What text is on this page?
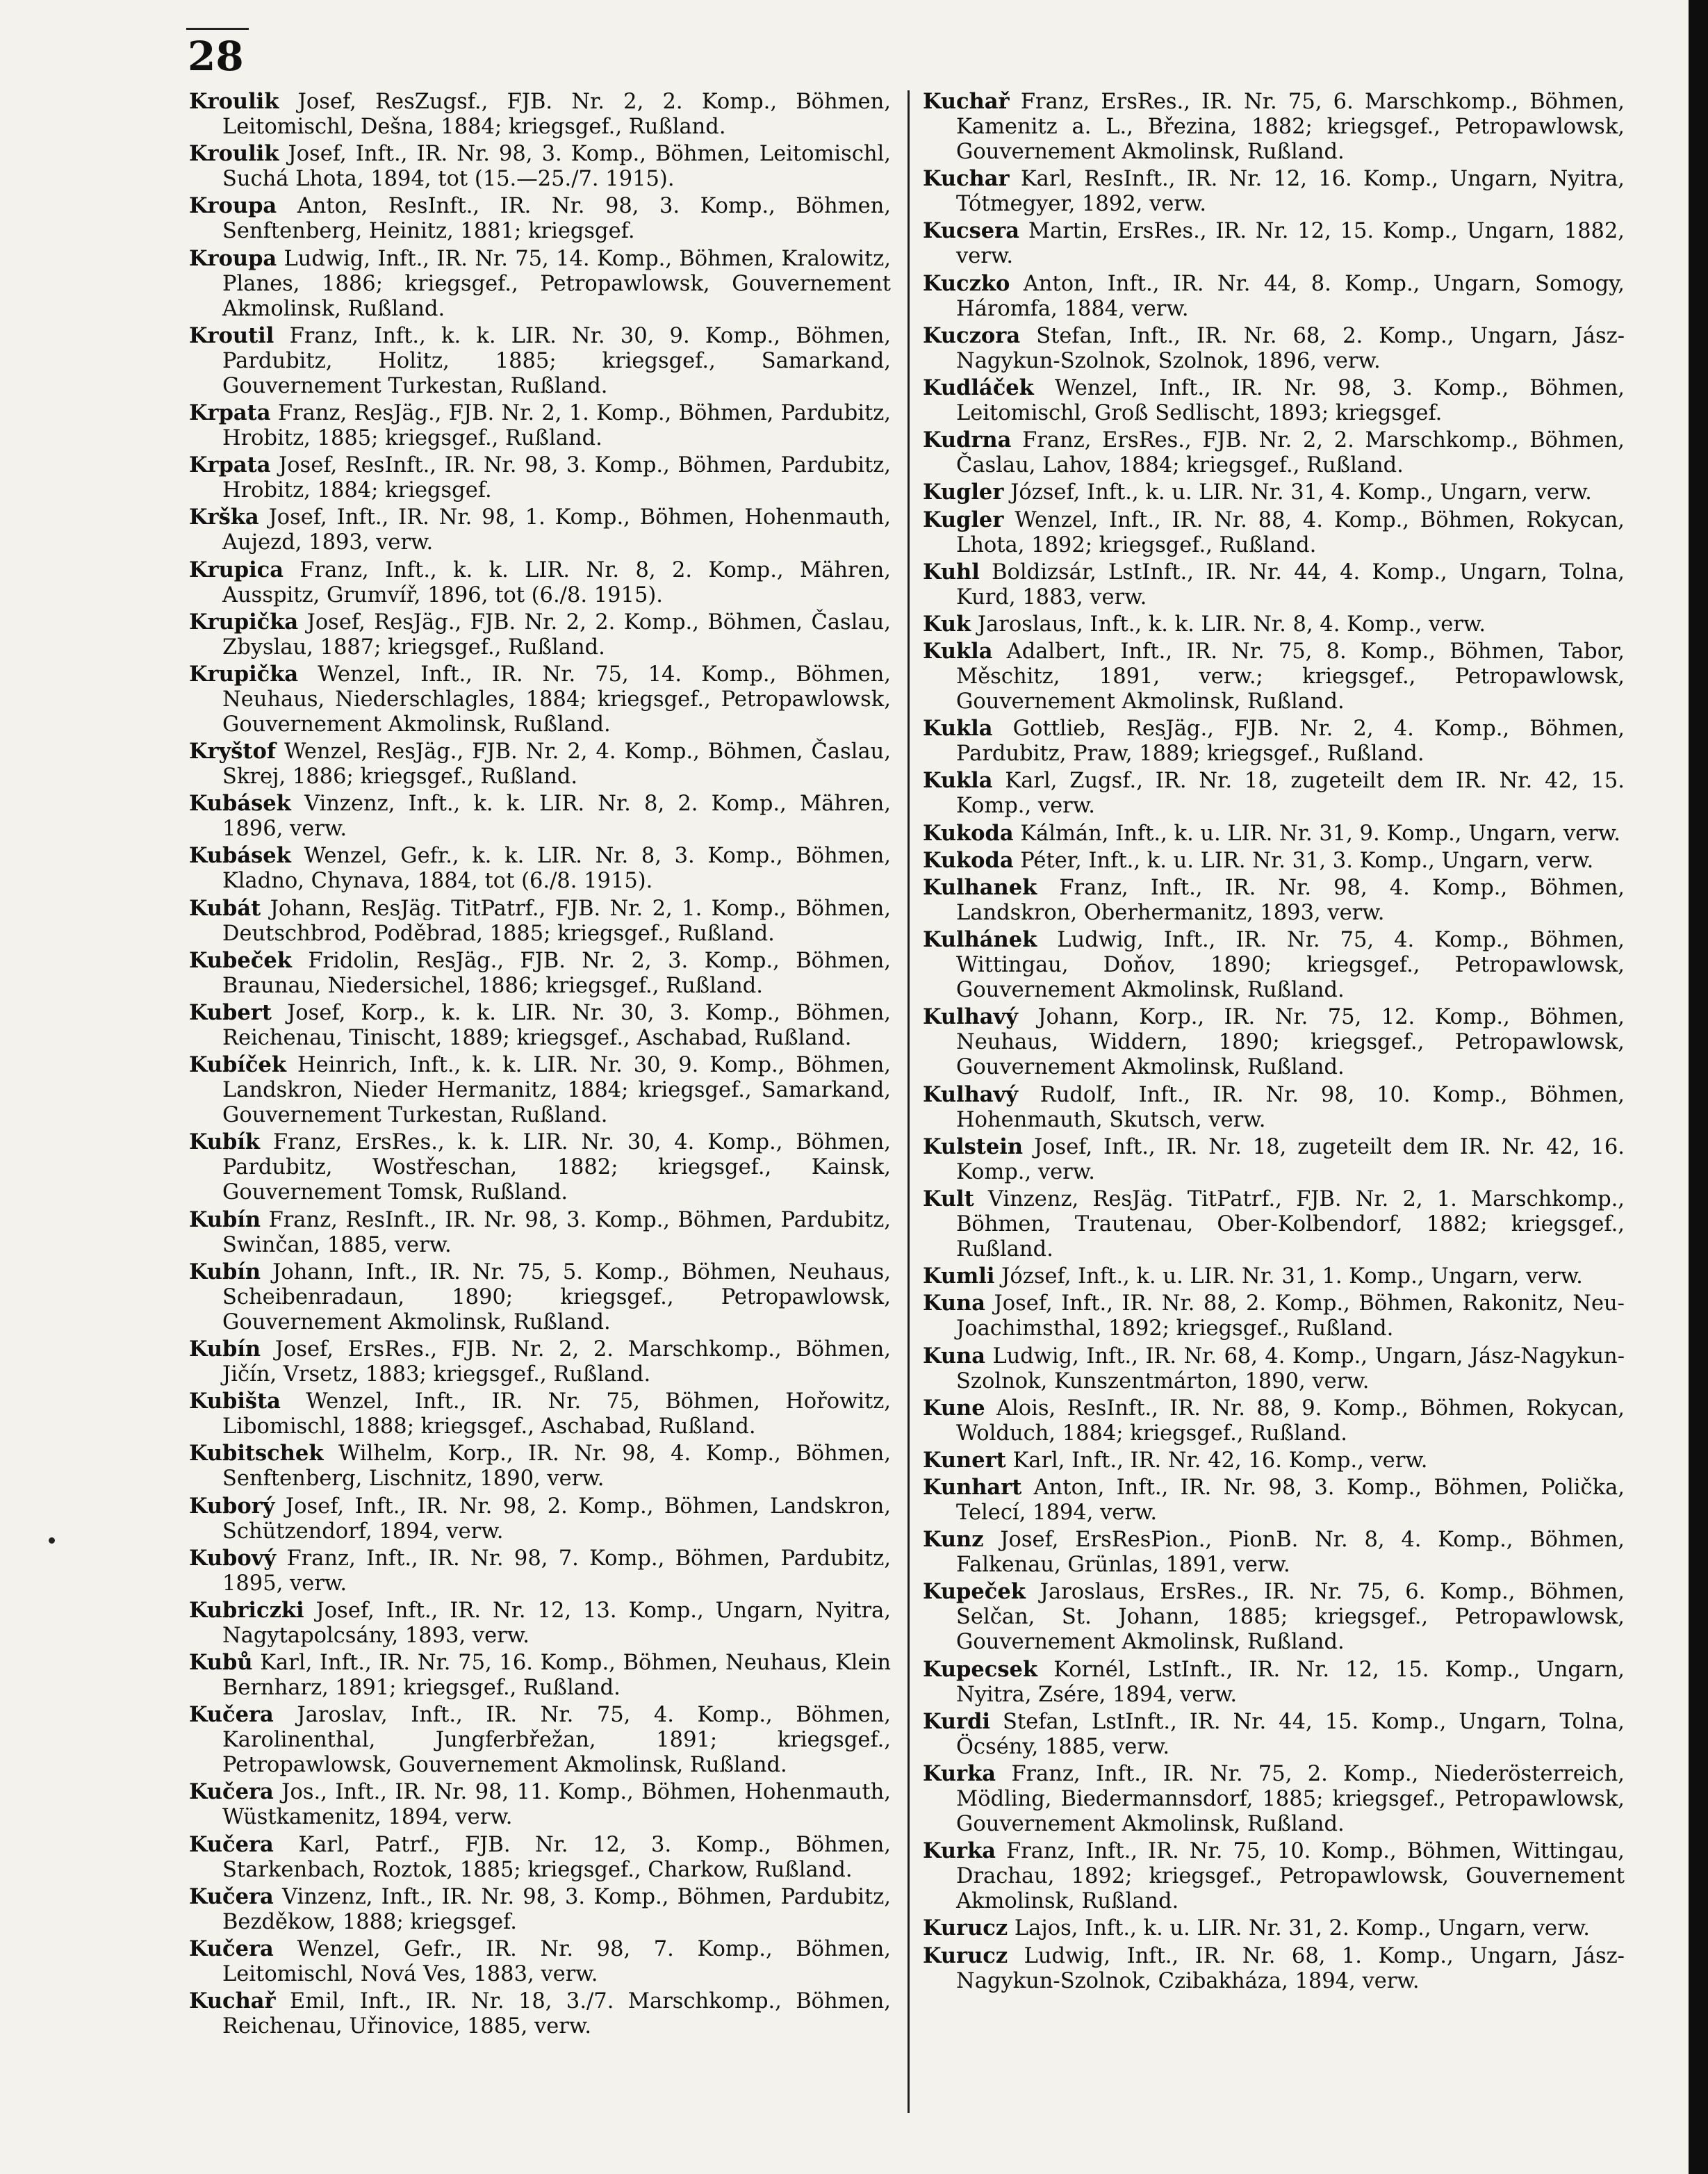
28

Kroulik Josef, ResZugsf., FJB. Nr. 2, 2. Komp., Böhmen, Leitomischl, Dešna, 1884; kriegsgef., Rußland.

Kroulik Josef, Inft., IR. Nr. 98, 3. Komp., Böhmen, Leitomischl, Suchá Lhota, 1894, tot (15.—25./7. 1915).

Kroupa Anton, ResInft., IR. Nr. 98, 3. Komp., Böhmen, Senftenberg, Heinitz, 1881; kriegsgef.

Kroupa Ludwig, Inft., IR. Nr. 75, 14. Komp., Böhmen, Kralowitz, Planes, 1886; kriegsgef., Petropawlowsk, Gouvernement Akmolinsk, Rußland.

Kroutil Franz, Inft., k. k. LIR. Nr. 30, 9. Komp., Böhmen, Pardubitz, Holitz, 1885; kriegsgef., Samarkand, Gouvernement Turkestan, Rußland.

Krpata Franz, ResJäg., FJB. Nr. 2, 1. Komp., Böhmen, Pardubitz, Hrobitz, 1885; kriegsgef., Rußland.

Krpata Josef, ResInft., IR. Nr. 98, 3. Komp., Böhmen, Pardubitz, Hrobitz, 1884; kriegsgef.

Krška Josef, Inft., IR. Nr. 98, 1. Komp., Böhmen, Hohenmauth, Aujezd, 1893, verw.

Krupica Franz, Inft., k. k. LIR. Nr. 8, 2. Komp., Mähren, Ausspitz, Grumvíř, 1896, tot (6./8. 1915).

Krupička Josef, ResJäg., FJB. Nr. 2, 2. Komp., Böhmen, Časlau, Zbyslau, 1887; kriegsgef., Rußland.

Krupička Wenzel, Inft., IR. Nr. 75, 14. Komp., Böhmen, Neuhaus, Niederschlagles, 1884; kriegsgef., Petropawlowsk, Gouvernement Akmolinsk, Rußland.

Kryštof Wenzel, ResJäg., FJB. Nr. 2, 4. Komp., Böhmen, Časlau, Skrej, 1886; kriegsgef., Rußland.

Kubásek Vinzenz, Inft., k. k. LIR. Nr. 8, 2. Komp., Mähren, 1896, verw.

Kubásek Wenzel, Gefr., k. k. LIR. Nr. 8, 3. Komp., Böhmen, Kladno, Chynava, 1884, tot (6./8. 1915).

Kubát Johann, ResJäg. TitPatrf., FJB. Nr. 2, 1. Komp., Böhmen, Deutschbrod, Poděbrad, 1885; kriegsgef., Rußland.

Kubeček Fridolin, ResJäg., FJB. Nr. 2, 3. Komp., Böhmen, Braunau, Niedersichel, 1886; kriegsgef., Rußland.

Kubert Josef, Korp., k. k. LIR. Nr. 30, 3. Komp., Böhmen, Reichenau, Tinischt, 1889; kriegsgef., Aschabad, Rußland.

Kubíček Heinrich, Inft., k. k. LIR. Nr. 30, 9. Komp., Böhmen, Landskron, Nieder Hermanitz, 1884; kriegsgef., Samarkand, Gouvernement Turkestan, Rußland.

Kubík Franz, ErsRes., k. k. LIR. Nr. 30, 4. Komp., Böhmen, Pardubitz, Wostřeschan, 1882; kriegsgef., Kainsk, Gouvernement Tomsk, Rußland.

Kubín Franz, ResInft., IR. Nr. 98, 3. Komp., Böhmen, Pardubitz, Swinčan, 1885, verw.

Kubín Johann, Inft., IR. Nr. 75, 5. Komp., Böhmen, Neuhaus, Scheibenradaun, 1890; kriegsgef., Petropawlowsk, Gouvernement Akmolinsk, Rußland.

Kubín Josef, ErsRes., FJB. Nr. 2, 2. Marschkomp., Böhmen, Jičín, Vrsetz, 1883; kriegsgef., Rußland.

Kubišta Wenzel, Inft., IR. Nr. 75, Böhmen, Hořowitz, Libomischl, 1888; kriegsgef., Aschabad, Rußland.

Kubitschek Wilhelm, Korp., IR. Nr. 98, 4. Komp., Böhmen, Senftenberg, Lischnitz, 1890, verw.

Kuborý Josef, Inft., IR. Nr. 98, 2. Komp., Böhmen, Landskron, Schützendorf, 1894, verw.

Kubový Franz, Inft., IR. Nr. 98, 7. Komp., Böhmen, Pardubitz, 1895, verw.

Kubriczki Josef, Inft., IR. Nr. 12, 13. Komp., Ungarn, Nyitra, Nagytapolcsány, 1893, verw.

Kubů Karl, Inft., IR. Nr. 75, 16. Komp., Böhmen, Neuhaus, Klein Bernharz, 1891; kriegsgef., Rußland.

Kučera Jaroslav, Inft., IR. Nr. 75, 4. Komp., Böhmen, Karolinenthal, Jungferbřežan, 1891; kriegsgef., Petropawlowsk, Gouvernement Akmolinsk, Rußland.

Kučera Jos., Inft., IR. Nr. 98, 11. Komp., Böhmen, Hohenmauth, Wüstkamenitz, 1894, verw.

Kučera Karl, Patrf., FJB. Nr. 12, 3. Komp., Böhmen, Starkenbach, Roztok, 1885; kriegsgef., Charkow, Rußland.

Kučera Vinzenz, Inft., IR. Nr. 98, 3. Komp., Böhmen, Pardubitz, Bezděkow, 1888; kriegsgef.

Kučera Wenzel, Gefr., IR. Nr. 98, 7. Komp., Böhmen, Leitomischl, Nová Ves, 1883, verw.

Kuchař Emil, Inft., IR. Nr. 18, 3./7. Marschkomp., Böhmen, Reichenau, Uřinovice, 1885, verw.

Kuchař Franz, ErsRes., IR. Nr. 75, 6. Marschkomp., Böhmen, Kamenitz a. L., Březina, 1882; kriegsgef., Petropawlowsk, Gouvernement Akmolinsk, Rußland.

Kuchar Karl, ResInft., IR. Nr. 12, 16. Komp., Ungarn, Nyitra, Tótmegyer, 1892, verw.

Kucsera Martin, ErsRes., IR. Nr. 12, 15. Komp., Ungarn, 1882, verw.

Kuczko Anton, Inft., IR. Nr. 44, 8. Komp., Ungarn, Somogy, Háromfa, 1884, verw.

Kuczora Stefan, Inft., IR. Nr. 68, 2. Komp., Ungarn, Jász-Nagykun-Szolnok, Szolnok, 1896, verw.

Kudláček Wenzel, Inft., IR. Nr. 98, 3. Komp., Böhmen, Leitomischl, Groß Sedlischt, 1893; kriegsgef.

Kudrna Franz, ErsRes., FJB. Nr. 2, 2. Marschkomp., Böhmen, Časlau, Lahov, 1884; kriegsgef., Rußland.

Kugler József, Inft., k. u. LIR. Nr. 31, 4. Komp., Ungarn, verw.

Kugler Wenzel, Inft., IR. Nr. 88, 4. Komp., Böhmen, Rokycan, Lhota, 1892; kriegsgef., Rußland.

Kuhl Boldizsár, LstInft., IR. Nr. 44, 4. Komp., Ungarn, Tolna, Kurd, 1883, verw.

Kuk Jaroslaus, Inft., k. k. LIR. Nr. 8, 4. Komp., verw.

Kukla Adalbert, Inft., IR. Nr. 75, 8. Komp., Böhmen, Tabor, Měschitz, 1891, verw.; kriegsgef., Petropawlowsk, Gouvernement Akmolinsk, Rußland.

Kukla Gottlieb, ResJäg., FJB. Nr. 2, 4. Komp., Böhmen, Pardubitz, Praw, 1889; kriegsgef., Rußland.

Kukla Karl, Zugsf., IR. Nr. 18, zugeteilt dem IR. Nr. 42, 15. Komp., verw.

Kukoda Kálmán, Inft., k. u. LIR. Nr. 31, 9. Komp., Ungarn, verw.

Kukoda Péter, Inft., k. u. LIR. Nr. 31, 3. Komp., Ungarn, verw.

Kulhanek Franz, Inft., IR. Nr. 98, 4. Komp., Böhmen, Landskron, Oberhermanitz, 1893, verw.

Kulhánek Ludwig, Inft., IR. Nr. 75, 4. Komp., Böhmen, Wittingau, Doňov, 1890; kriegsgef., Petropawlowsk, Gouvernement Akmolinsk, Rußland.

Kulhavý Johann, Korp., IR. Nr. 75, 12. Komp., Böhmen, Neuhaus, Widdern, 1890; kriegsgef., Petropawlowsk, Gouvernement Akmolinsk, Rußland.

Kulhavý Rudolf, Inft., IR. Nr. 98, 10. Komp., Böhmen, Hohenmauth, Skutsch, verw.

Kulstein Josef, Inft., IR. Nr. 18, zugeteilt dem IR. Nr. 42, 16. Komp., verw.

Kult Vinzenz, ResJäg. TitPatrf., FJB. Nr. 2, 1. Marschkomp., Böhmen, Trautenau, Ober-Kolbendorf, 1882; kriegsgef., Rußland.

Kumli József, Inft., k. u. LIR. Nr. 31, 1. Komp., Ungarn, verw.

Kuna Josef, Inft., IR. Nr. 88, 2. Komp., Böhmen, Rakonitz, Neu-Joachimsthal, 1892; kriegsgef., Rußland.

Kuna Ludwig, Inft., IR. Nr. 68, 4. Komp., Ungarn, Jász-Nagykun-Szolnok, Kunszentmárton, 1890, verw.

Kune Alois, ResInft., IR. Nr. 88, 9. Komp., Böhmen, Rokycan, Wolduch, 1884; kriegsgef., Rußland.

Kunert Karl, Inft., IR. Nr. 42, 16. Komp., verw.

Kunhart Anton, Inft., IR. Nr. 98, 3. Komp., Böhmen, Polička, Telecí, 1894, verw.

Kunz Josef, ErsResPion., PionB. Nr. 8, 4. Komp., Böhmen, Falkenau, Grünlas, 1891, verw.

Kupeček Jaroslaus, ErsRes., IR. Nr. 75, 6. Komp., Böhmen, Selčan, St. Johann, 1885; kriegsgef., Petropawlowsk, Gouvernement Akmolinsk, Rußland.

Kupecsek Kornél, LstInft., IR. Nr. 12, 15. Komp., Ungarn, Nyitra, Zsére, 1894, verw.

Kurdi Stefan, LstInft., IR. Nr. 44, 15. Komp., Ungarn, Tolna, Öcsény, 1885, verw.

Kurka Franz, Inft., IR. Nr. 75, 2. Komp., Niederösterreich, Mödling, Biedermannsdorf, 1885; kriegsgef., Petropawlowsk, Gouvernement Akmolinsk, Rußland.

Kurka Franz, Inft., IR. Nr. 75, 10. Komp., Böhmen, Wittingau, Drachau, 1892; kriegsgef., Petropawlowsk, Gouvernement Akmolinsk, Rußland.

Kurucz Lajos, Inft., k. u. LIR. Nr. 31, 2. Komp., Ungarn, verw.

Kurucz Ludwig, Inft., IR. Nr. 68, 1. Komp., Ungarn, Jász-Nagykun-Szolnok, Czibakháza, 1894, verw.
